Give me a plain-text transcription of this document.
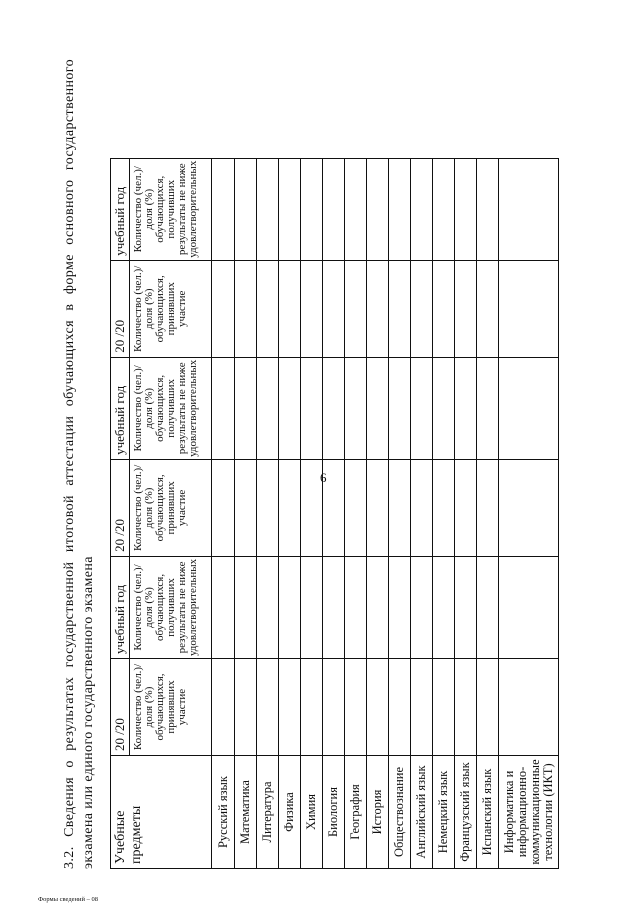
6
3.2. Сведения о результатах государственной итоговой аттестации обучающихся в форме основного государственного экзамена или единого государственного экзамена Учебные предметы	20 /20	учебный год	20 /20	учебный год	20 /20	учебный год
	Количество (чел.)/доля (%) обучающихся, принявших участие	Количество (чел.)/доля (%) обучающихся, получивших результаты не ниже удовлетворительных	Количество (чел.)/доля (%) обучающихся, принявших участие	Количество (чел.)/доля (%) обучающихся, получивших результаты не ниже удовлетворительных	Количество (чел.)/доля (%) обучающихся, принявших участие	Количество (чел.)/доля (%) обучающихся, получивших результаты не ниже удовлетворительных
Русский язык						
Математика						
Литература						
Физика						
Химия						
Биология						
География						
История						
Обществознание						
Английский язык						
Немецкий язык						
Французский язык						
Испанский язык						
Информатика и информационно-коммуникационные технологии (ИКТ)						
Формы сведений – 08
